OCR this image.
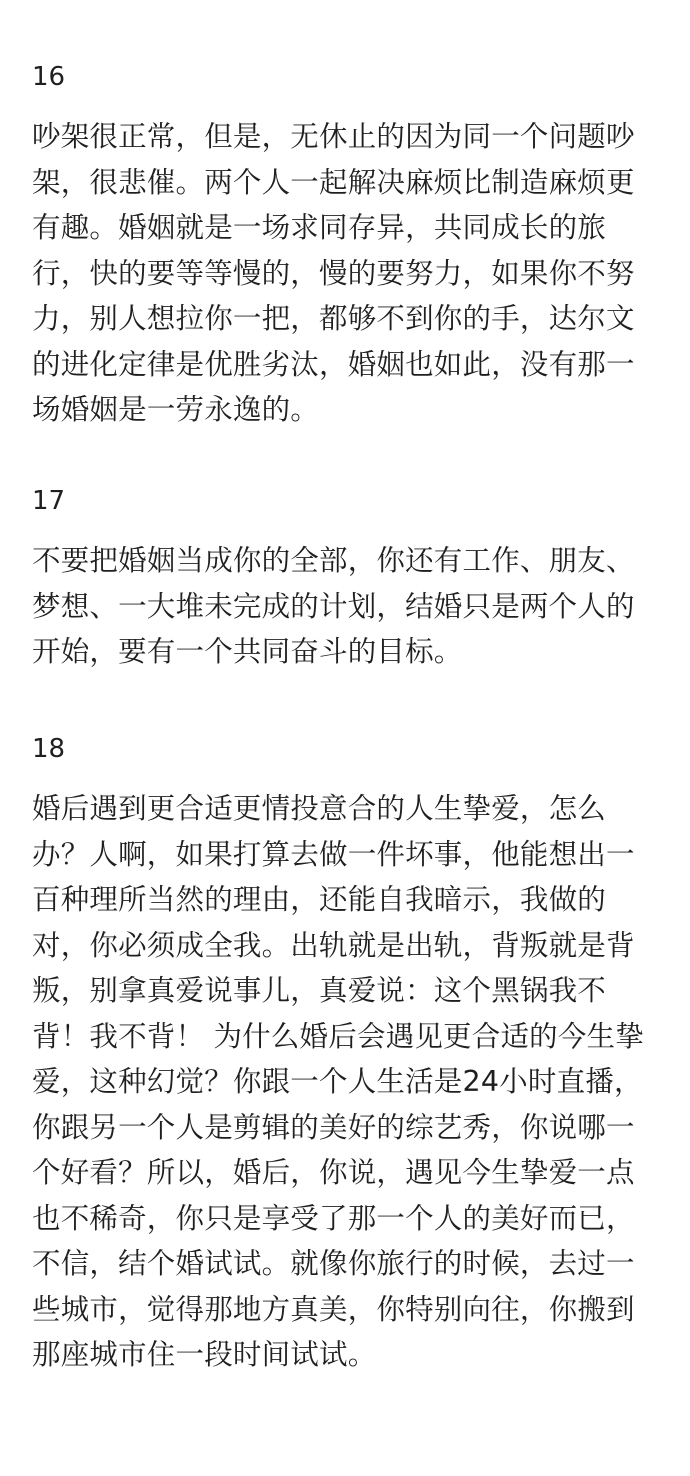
16

吵架很正常，但是，无休止的因为同一个问题吵
架，很悲催。两个人一起解决麻烦比制造麻烦更
有趣。婚姻就是一场求同存异，共同成长的旅
行，快的要等等慢的，慢的要努力，如果你不努
力，别人想拉你一把，都够不到你的手，达尔文
的进化定律是优胜劣汰，婚姻也如此，没有那一
场婚姻是一劳永逸的。

17

不要把婚姻当成你的全部，你还有工作、朋友、
梦想、一大堆未完成的计划，结婚只是两个人的
开始，要有一个共同奋斗的目标。

18

婚后遇到更合适更情投意合的人生挚爱，怎么
办？人啊，如果打算去做一件坏事，他能想出一
百种理所当然的理由，还能自我暗示，我做的
对，你必须成全我。出轨就是出轨，背叛就是背
叛，别拿真爱说事儿，真爱说：这个黑锅我不
背！我不背！ 为什么婚后会遇见更合适的今生挚
爱，这种幻觉？你跟一个人生活是24小时直播，
你跟另一个人是剪辑的美好的综艺秀，你说哪一
个好看？所以，婚后，你说，遇见今生挚爱一点
也不稀奇，你只是享受了那一个人的美好而已，
不信，结个婚试试。就像你旅行的时候，去过一
些城市，觉得那地方真美，你特别向往，你搬到
那座城市住一段时间试试。
